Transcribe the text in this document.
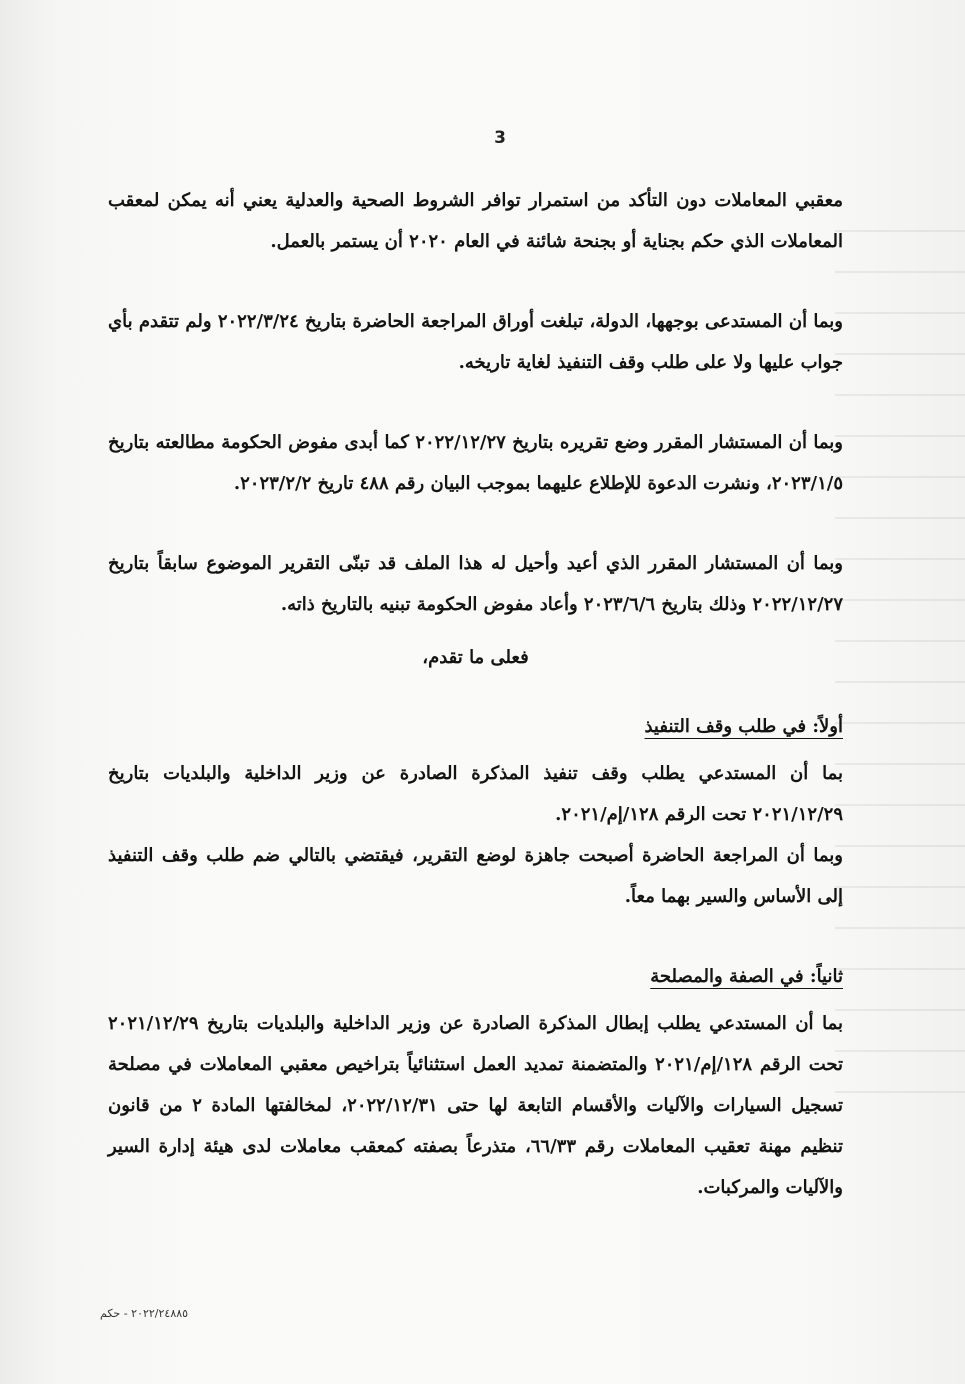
3

معقبي المعاملات دون التأكد من استمرار توافر الشروط الصحية والعدلية يعني أنه يمكن لمعقب المعاملات الذي حكم بجناية أو بجنحة شائنة في العام ٢٠٢٠ أن يستمر بالعمل.

وبما أن المستدعى بوجهها، الدولة، تبلغت أوراق المراجعة الحاضرة بتاريخ ٢٠٢٢/٣/٢٤ ولم تتقدم بأي جواب عليها ولا على طلب وقف التنفيذ لغاية تاريخه.

وبما أن المستشار المقرر وضع تقريره بتاريخ ٢٠٢٢/١٢/٢٧ كما أبدى مفوض الحكومة مطالعته بتاريخ ٢٠٢٣/١/٥، ونشرت الدعوة للإطلاع عليهما بموجب البيان رقم ٤٨٨ تاريخ ٢٠٢٣/٢/٢.

وبما أن المستشار المقرر الذي أعيد وأحيل له هذا الملف قد تبنّى التقرير الموضوع سابقاً بتاريخ ٢٠٢٢/١٢/٢٧ وذلك بتاريخ ٢٠٢٣/٦/٦ وأعاد مفوض الحكومة تبنيه بالتاريخ ذاته.

فعلى ما تقدم،

أولاً: في طلب وقف التنفيذ

بما أن المستدعي يطلب وقف تنفيذ المذكرة الصادرة عن وزير الداخلية والبلديات بتاريخ ٢٠٢١/١٢/٢٩ تحت الرقم ١٢٨/إم/٢٠٢١.

وبما أن المراجعة الحاضرة أصبحت جاهزة لوضع التقرير، فيقتضي بالتالي ضم طلب وقف التنفيذ إلى الأساس والسير بهما معاً.

ثانياً: في الصفة والمصلحة

بما أن المستدعي يطلب إبطال المذكرة الصادرة عن وزير الداخلية والبلديات بتاريخ ٢٠٢١/١٢/٢٩ تحت الرقم ١٢٨/إم/٢٠٢١ والمتضمنة تمديد العمل استثنائياً بتراخيص معقبي المعاملات في مصلحة تسجيل السيارات والآليات والأقسام التابعة لها حتى ٢٠٢٢/١٢/٣١، لمخالفتها المادة ٢ من قانون تنظيم مهنة تعقيب المعاملات رقم ٦٦/٣٣، متذرعاً بصفته كمعقب معاملات لدى هيئة إدارة السير والآليات والمركبات.

٢٠٢٢/٢٤٨٨٥ - حكم
